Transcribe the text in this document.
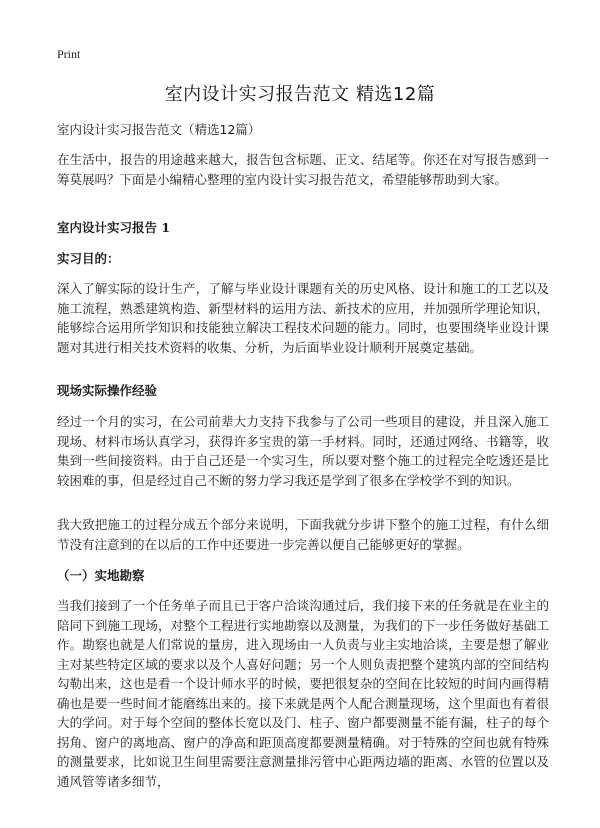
Print
室内设计实习报告范文 精选12篇
室内设计实习报告范文（精选12篇）

在生活中，报告的用途越来越大，报告包含标题、正文、结尾等。你还在对写报告感到一筹莫展吗？下面是小编精心整理的室内设计实习报告范文，希望能够帮助到大家。

室内设计实习报告 1
实习目的：

深入了解实际的设计生产，了解与毕业设计课题有关的历史风格、设计和施工的工艺以及施工流程，熟悉建筑构造、新型材料的运用方法、新技术的应用，并加强所学理论知识，能够综合运用所学知识和技能独立解决工程技术问题的能力。同时，也要围绕毕业设计课题对其进行相关技术资料的收集、分析，为后面毕业设计顺利开展奠定基础。

现场实际操作经验

经过一个月的实习，在公司前辈大力支持下我参与了公司一些项目的建设，并且深入施工现场、材料市场认真学习，获得许多宝贵的第一手材料。同时，还通过网络、书籍等，收集到一些间接资料。由于自己还是一个实习生，所以要对整个施工的过程完全吃透还是比较困难的事，但是经过自己不断的努力学习我还是学到了很多在学校学不到的知识。

我大致把施工的过程分成五个部分来说明，下面我就分步讲下整个的施工过程，有什么细节没有注意到的在以后的工作中还要进一步完善以便自己能够更好的掌握。

（一）实地勘察

当我们接到了一个任务单子而且已于客户洽谈沟通过后，我们接下来的任务就是在业主的陪同下到施工现场，对整个工程进行实地勘察以及测量，为我们的下一步任务做好基础工作。勘察也就是人们常说的量房，进入现场由一人负责与业主实地洽谈，主要是想了解业主对某些特定区域的要求以及个人喜好问题；另一个人则负责把整个建筑内部的空间结构勾勒出来，这也是看一个设计师水平的时候，要把很复杂的空间在比较短的时间内画得精确也是要一些时间才能磨练出来的。接下来就是两个人配合测量现场，这个里面也有着很大的学问。对于每个空间的整体长宽以及门、柱子、窗户都要测量不能有漏，柱子的每个拐角、窗户的离地高、窗户的净高和距顶高度都要测量精确。对于特殊的空间也就有特殊的测量要求，比如说卫生间里需要注意测量排污管中心距两边墙的距离、水管的位置以及通风管等诸多细节，
